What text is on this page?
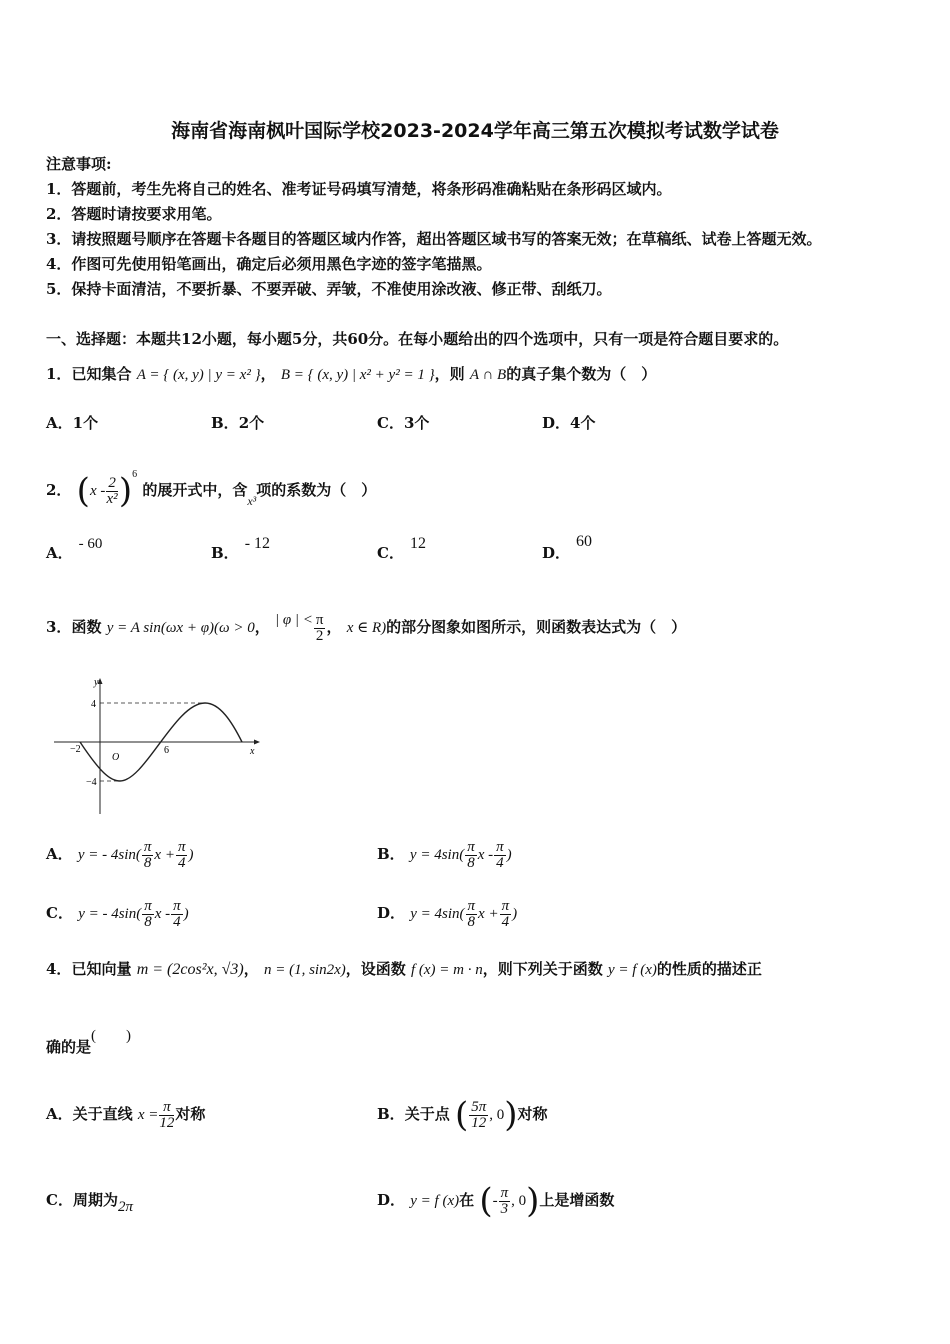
海南省海南枫叶国际学校2023-2024学年高三第五次模拟考试数学试卷
注意事项:
1．答题前，考生先将自己的姓名、准考证号码填写清楚，将条形码准确粘贴在条形码区域内。
2．答题时请按要求用笔。
3．请按照题号顺序在答题卡各题目的答题区域内作答，超出答题区域书写的答案无效；在草稿纸、试卷上答题无效。
4．作图可先使用铅笔画出，确定后必须用黑色字迹的签字笔描黑。
5．保持卡面清洁，不要折暴、不要弄破、弄皱，不准使用涂改液、修正带、刮纸刀。
一、选择题：本题共12小题，每小题5分，共60分。在每小题给出的四个选项中，只有一项是符合题目要求的。
1．已知集合 A = { (x, y) | y = x² }， B = { (x, y) | x² + y² = 1 }，则 A ∩ B的真子集个数为（　）
A．1个	B．2个	C．3个	D．4个
2． $(x - \frac{2}{\text{x²}} )^6$ 的展开式中，含$_{x^3}$项的系数为（　）
A． - 60	B．- 12
C．12
D．60
3．函数 y = A sin(ωx + φ)(ω > 0， | φ | < $\frac{\pi}{2}$ ， x ∈ R)的部分图象如图所示，则函数表达式为（　）
y
x
4
−4
−2
O
6
A． y = - $4\sin( \frac{\pi}{8}$ $x + \frac{\pi}{4}$ )	B． $y = 4\sin( \frac{\pi}{8}$ x - $\frac{\pi}{4}$ )
C． y = - $4\sin( \frac{\pi}{8}$ x - $\frac{\pi}{4}$ )	D． $y = 4\sin( \frac{\pi}{8}$ $x + \frac{\pi}{4}$ )
4．已知向量 m = (2cos²x, √3)， n = (1, sin2x)，设函数 f (x) = m · n，则下列关于函数 y = f (x)的性质的描述正
确的是(　　)
A．关于直线 $x = \frac{\pi}{12}$ 对称	B．关于点 ( $\frac{5\pi}{12}$ , 0)对称
C．周期为2π	D． y = f (x)在 (- $\frac{\pi}{3}$ , 0)上是增函数
